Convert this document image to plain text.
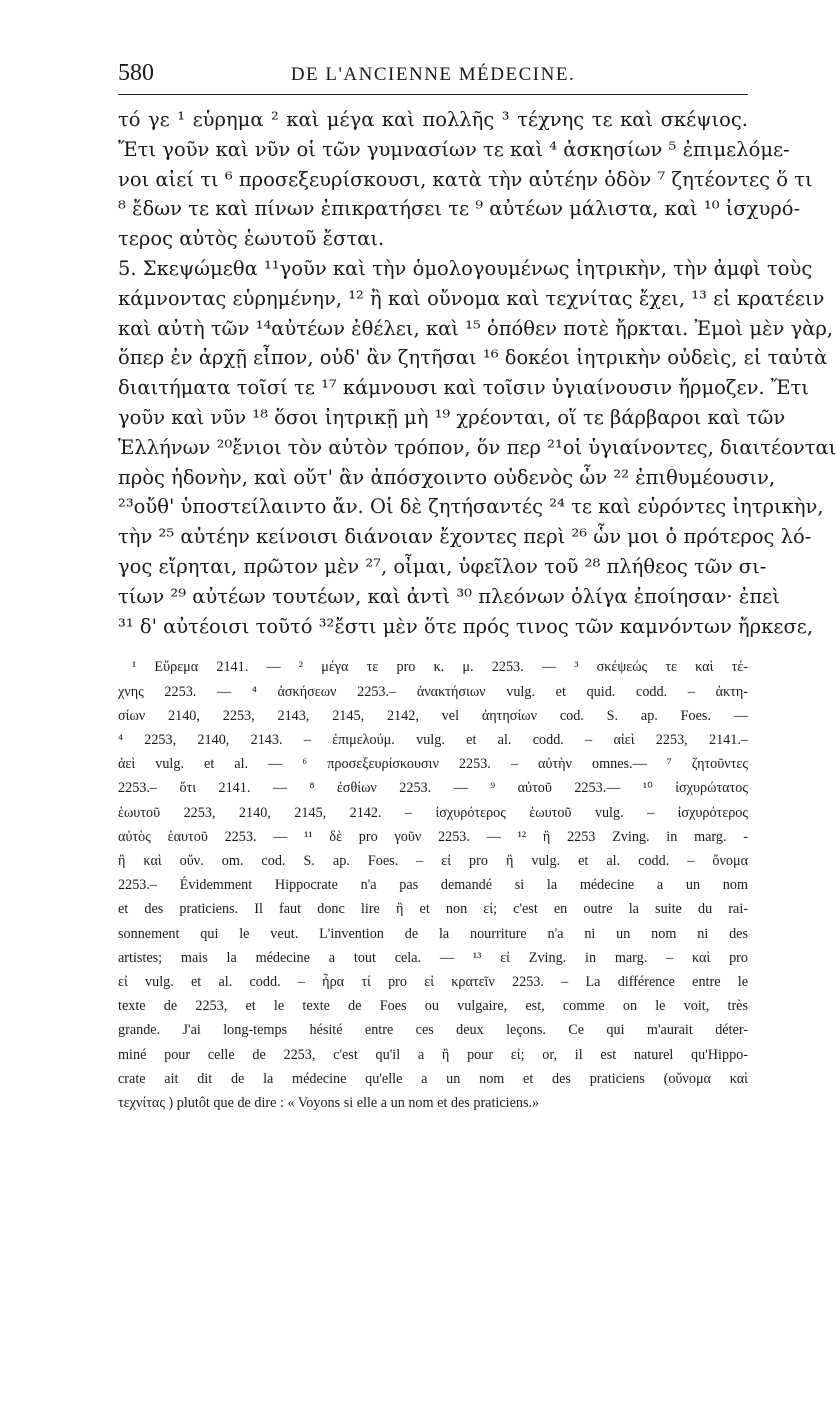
580	DE L'ANCIENNE MÉDECINE.
τό γε ¹ εὑρημα ² καὶ μέγα καὶ πολλῆς ³ τέχνης τε καὶ σκέψιος.
Ἔτι γοῦν καὶ νῦν οἱ τῶν γυμνασίων τε καὶ ⁴ ἀσκησίων ⁵ ἐπιμελόμε-
νοι αἰεί τι ⁶ προσεξευρίσκουσι, κατὰ τὴν αὐτέην ὁδὸν ⁷ ζητέοντες ὅ τι
⁸ ἔδων τε καὶ πίνων ἐπικρατήσει τε ⁹ αὐτέων μάλιστα, καὶ ¹⁰ ἰσχυρό-
τερος αὐτὸς ἑωυτοῦ ἔσται.
5. Σκεψώμεθα ¹¹γοῦν καὶ τὴν ὁμολογουμένως ἰητρικὴν, τὴν ἀμφὶ τοὺς
κάμνοντας εὑρημένην, ¹² ἢ καὶ οὔνομα καὶ τεχνίτας ἔχει, ¹³ εἰ κρατέειν
καὶ αὐτὴ τῶν ¹⁴αὐτέων ἐθέλει, καὶ ¹⁵ ὁπόθεν ποτὲ ἤρκται. Ἐμοὶ μὲν γὰρ,
ὅπερ ἐν ἀρχῇ εἶπον, οὐδ' ἂν ζητῆσαι ¹⁶ δοκέοι ἰητρικὴν οὐδεὶς, εἰ ταὐτὰ
διαιτήματα τοῖσί τε ¹⁷ κάμνουσι καὶ τοῖσιν ὑγιαίνουσιν ἤρμοζεν. Ἔτι
γοῦν καὶ νῦν ¹⁸ ὅσοι ἰητρικῇ μὴ ¹⁹ χρέονται, οἵ τε βάρβαροι καὶ τῶν
Ἑλλήνων ²⁰ἔνιοι τὸν αὐτὸν τρόπον, ὅν περ ²¹οἱ ὑγιαίνοντες, διαιτέονται
πρὸς ἡδονὴν, καὶ οὔτ' ἂν ἀπόσχοιντο οὐδενὸς ὧν ²² ἐπιθυμέουσιν,
²³οὔθ' ὑποστείλαιντο ἄν. Οἱ δὲ ζητήσαντές ²⁴ τε καὶ εὑρόντες ἰητρικὴν,
τὴν ²⁵ αὐτέην κείνοισι διάνοιαν ἔχοντες περὶ ²⁶ ὧν μοι ὁ πρότερος λό-
γος εἴρηται, πρῶτον μὲν ²⁷, οἶμαι, ὑφεῖλον τοῦ ²⁸ πλήθεος τῶν σι-
τίων ²⁹ αὐτέων τουτέων, καὶ ἀντὶ ³⁰ πλεόνων ὀλίγα ἐποίησαν· ἐπεὶ
³¹ δ' αὐτέοισι τοῦτό ³²ἔστι μὲν ὅτε πρός τινος τῶν καμνόντων ἤρκεσε,
¹ Εὕρεμα 2141. — ² μέγα τε pro κ. μ. 2253. — ³ σκέψεώς τε καὶ τέ-
χνης 2253. — ⁴ ἀσκήσεων 2253.– ἀνακτήσιων vulg. et quid. codd. – ἀκτη-
σίων 2140, 2253, 2143, 2145, 2142, vel ἀητησίων cod. S. ap. Foes. —
⁴ 2253, 2140, 2143. – ἐπιμελούμ. vulg. et al. codd. – αἰεὶ 2253, 2141.–
ἀεὶ vulg. et al. — ⁶ προσεξευρίσκουσιν 2253. – αὐτὴν omnes.— ⁷ ζητοῦντες
2253.– ὅτι 2141. — ⁸ ἐσθίων 2253. — ⁹ αὐτοῦ 2253.— ¹⁰ ἰσχυρώτατος
ἑωυτοῦ 2253, 2140, 2145, 2142. – ἰσχυρότερος ἑωυτοῦ vulg. – ἰσχυρότερος
αὐτὸς ἑαυτοῦ 2253. — ¹¹ δὲ pro γοῦν 2253. — ¹² ἢ 2253 Zving. in marg. -
ἢ καὶ οὔν. om. cod. S. ap. Foes. – εἰ pro ἢ vulg. et al. codd. – ὄνομα
2253.– Évidemment Hippocrate n'a pas demandé si la médecine a un nom
et des praticiens. Il faut donc lire ἢ et non εἰ; c'est en outre la suite du rai-
sonnement qui le veut. L'invention de la nourriture n'a ni un nom ni des
artistes; mais la médecine a tout cela. — ¹³ εἰ Zving. in marg. – καὶ pro
εἰ vulg. et al. codd. – ἦρα τί pro εἰ κρατεῖν 2253. – La différence entre le
texte de 2253, et le texte de Foes ou vulgaire, est, comme on le voit, très
grande. J'ai long-temps hésité entre ces deux leçons. Ce qui m'aurait déter-
miné pour celle de 2253, c'est qu'il a ἢ pour εἰ; or, il est naturel qu'Hippo-
crate ait dit de la médecine qu'elle a un nom et des praticiens (οὔνομα καὶ
τεχνίτας ) plutôt que de dire : « Voyons si elle a un nom et des praticiens.»
